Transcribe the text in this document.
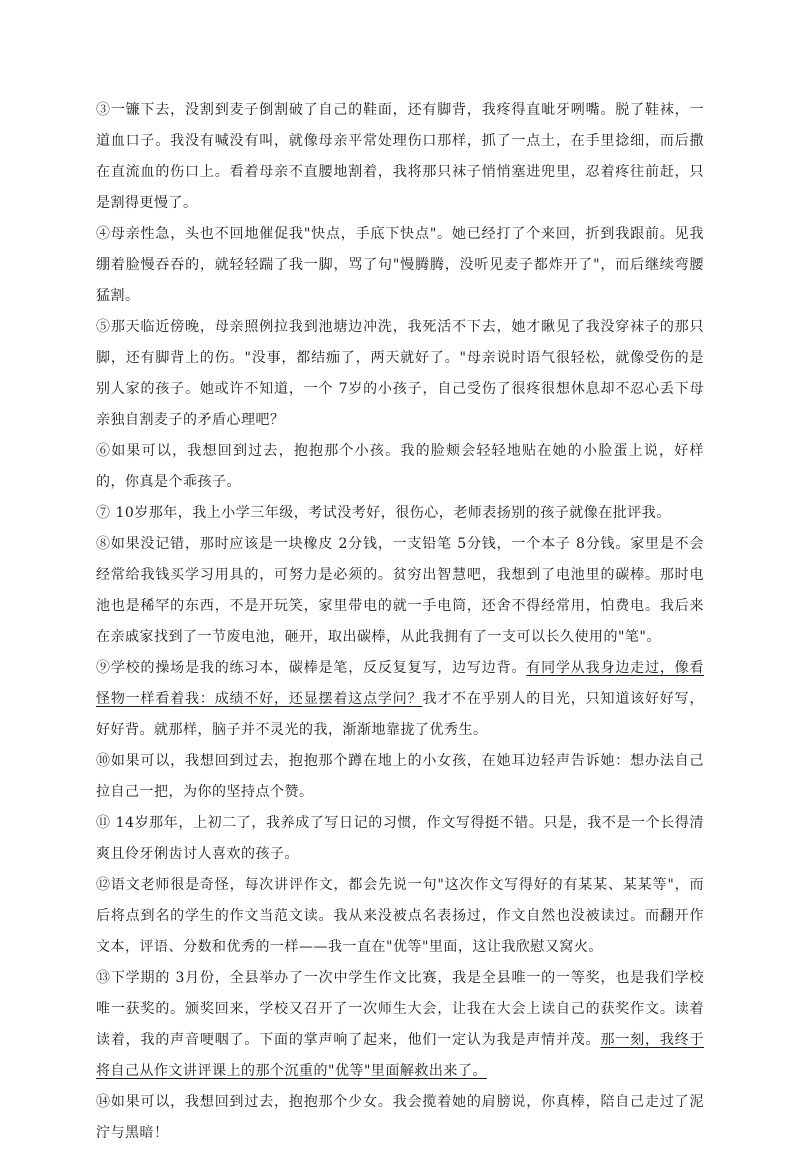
③一镰下去，没割到麦子倒割破了自己的鞋面，还有脚背，我疼得直呲牙咧嘴。脱了鞋袜，一道血口子。我没有喊没有叫，就像母亲平常处理伤口那样，抓了一点土，在手里捻细，而后撒在直流血的伤口上。看着母亲不直腰地割着，我将那只袜子悄悄塞进兜里，忍着疼往前赶，只是割得更慢了。

④母亲性急，头也不回地催促我"快点，手底下快点"。她已经打了个来回，折到我跟前。见我绷着脸慢吞吞的，就轻轻踹了我一脚，骂了句"慢腾腾，没听见麦子都炸开了"，而后继续弯腰猛割。

⑤那天临近傍晚，母亲照例拉我到池塘边冲洗，我死活不下去，她才瞅见了我没穿袜子的那只脚，还有脚背上的伤。"没事，都结痂了，两天就好了。"母亲说时语气很轻松，就像受伤的是别人家的孩子。她或许不知道，一个 7岁的小孩子，自己受伤了很疼很想休息却不忍心丢下母亲独自割麦子的矛盾心理吧？

⑥如果可以，我想回到过去，抱抱那个小孩。我的脸颊会轻轻地贴在她的小脸蛋上说，好样的，你真是个乖孩子。

⑦ 10岁那年，我上小学三年级，考试没考好，很伤心，老师表扬别的孩子就像在批评我。

⑧如果没记错，那时应该是一块橡皮 2分钱，一支铅笔 5分钱，一个本子 8分钱。家里是不会经常给我钱买学习用具的，可努力是必须的。贫穷出智慧吧，我想到了电池里的碳棒。那时电池也是稀罕的东西，不是开玩笑，家里带电的就一手电筒，还舍不得经常用，怕费电。我后来在亲戚家找到了一节废电池，砸开，取出碳棒，从此我拥有了一支可以长久使用的"笔"。

⑨学校的操场是我的练习本，碳棒是笔，反反复复写，边写边背。有同学从我身边走过，像看怪物一样看着我：成绩不好，还显摆着这点学问？我才不在乎别人的目光，只知道该好好写，好好背。就那样，脑子并不灵光的我，渐渐地靠拢了优秀生。

⑩如果可以，我想回到过去，抱抱那个蹲在地上的小女孩，在她耳边轻声告诉她：想办法自己拉自己一把，为你的坚持点个赞。

⑪ 14岁那年，上初二了，我养成了写日记的习惯，作文写得挺不错。只是，我不是一个长得清爽且伶牙俐齿讨人喜欢的孩子。

⑫语文老师很是奇怪，每次讲评作文，都会先说一句"这次作文写得好的有某某、某某等"，而后将点到名的学生的作文当范文读。我从来没被点名表扬过，作文自然也没被读过。而翻开作文本，评语、分数和优秀的一样——我一直在"优等"里面，这让我欣慰又窝火。

⑬下学期的 3月份，全县举办了一次中学生作文比赛，我是全县唯一的一等奖，也是我们学校唯一获奖的。颁奖回来，学校又召开了一次师生大会，让我在大会上读自己的获奖作文。读着读着，我的声音哽咽了。下面的掌声响了起来，他们一定认为我是声情并茂。那一刻，我终于将自己从作文讲评课上的那个沉重的"优等"里面解救出来了。

⑭如果可以，我想回到过去，抱抱那个少女。我会揽着她的肩膀说，你真棒，陪自己走过了泥泞与黑暗！
